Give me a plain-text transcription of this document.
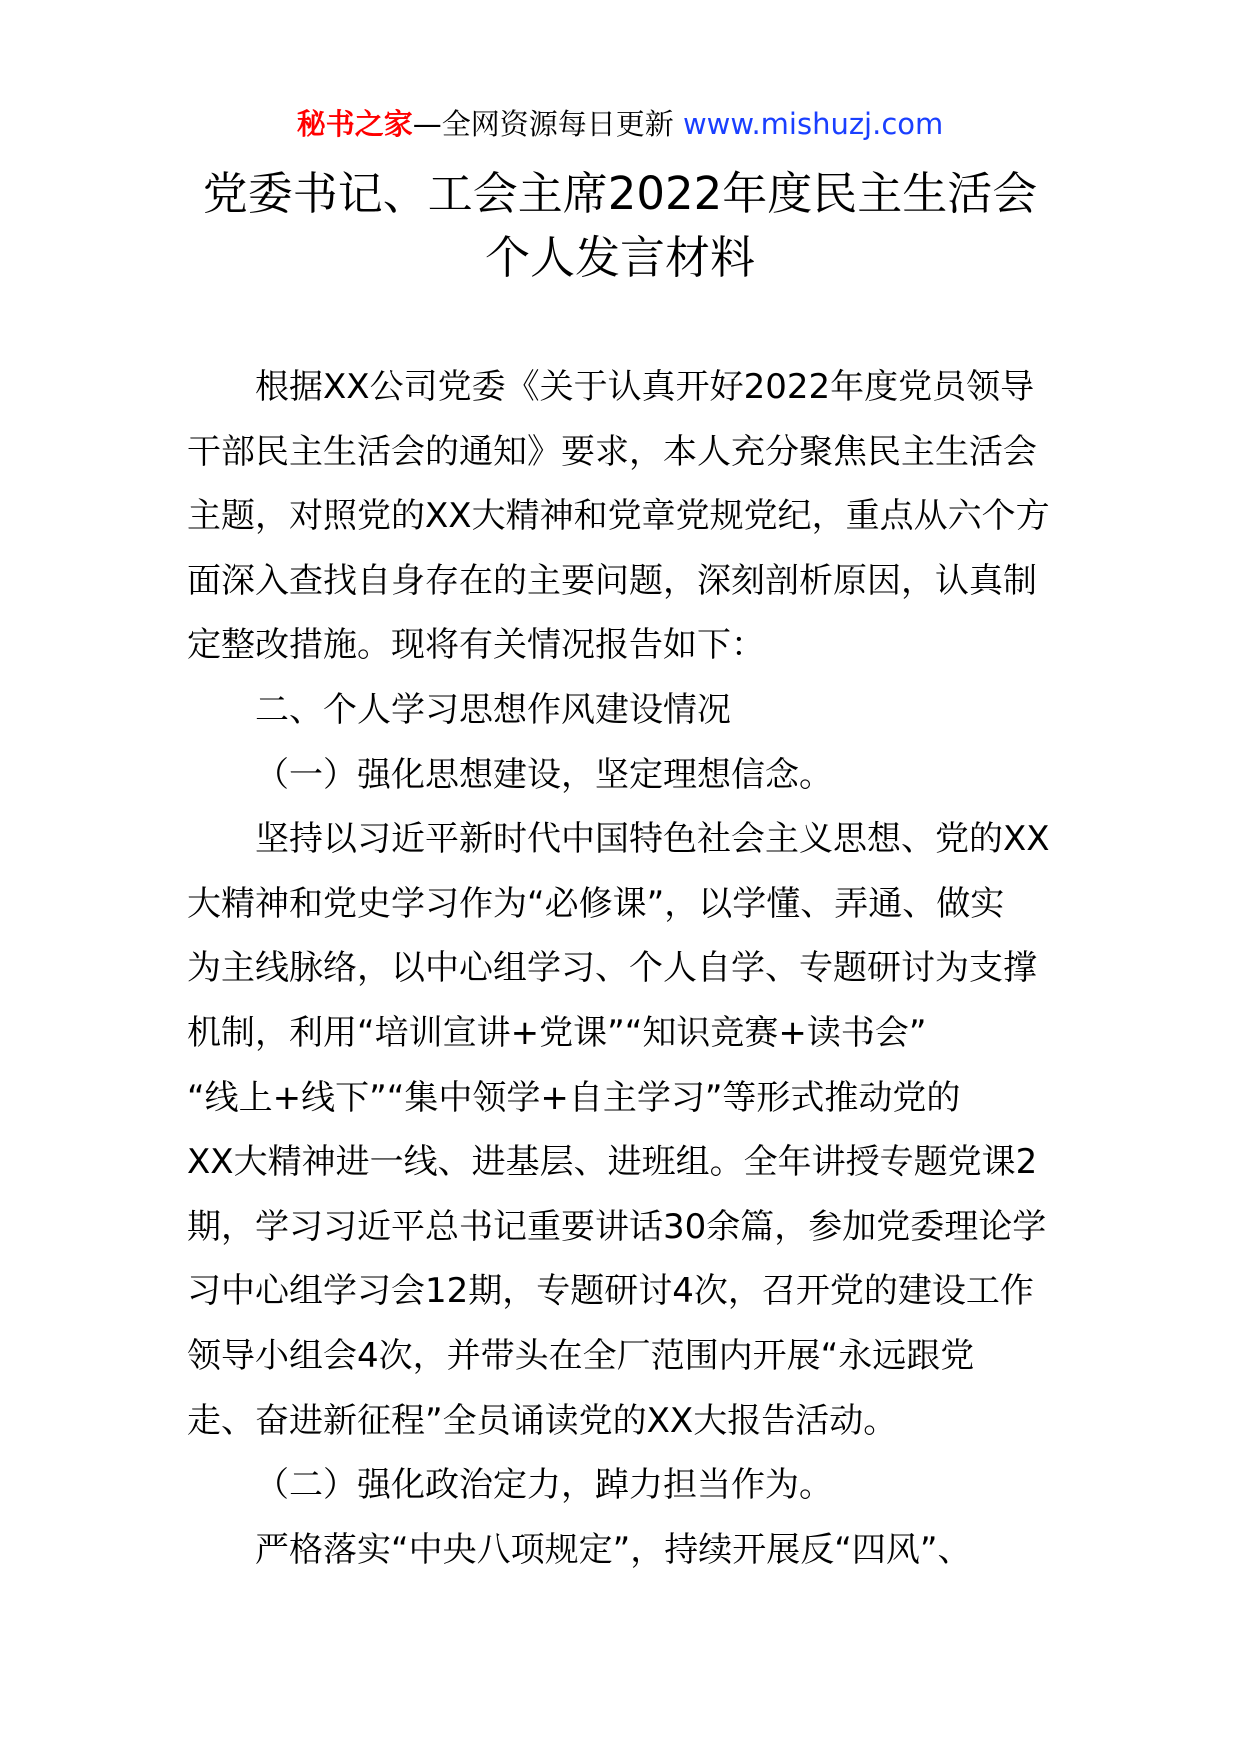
秘书之家—全网资源每日更新 www.mishuzj.com
党委书记、工会主席2022年度民主生活会
个人发言材料
根据XX公司党委《关于认真开好2022年度党员领导
干部民主生活会的通知》要求，本人充分聚焦民主生活会
主题，对照党的XX大精神和党章党规党纪，重点从六个方
面深入查找自身存在的主要问题，深刻剖析原因，认真制
定整改措施。现将有关情况报告如下：
二、个人学习思想作风建设情况
（一）强化思想建设，坚定理想信念。
坚持以习近平新时代中国特色社会主义思想、党的XX
大精神和党史学习作为“必修课”，以学懂、弄通、做实
为主线脉络，以中心组学习、个人自学、专题研讨为支撑
机制，利用“培训宣讲+党课”“知识竞赛+读书会”
“线上+线下”“集中领学+自主学习”等形式推动党的
XX大精神进一线、进基层、进班组。全年讲授专题党课2
期，学习习近平总书记重要讲话30余篇，参加党委理论学
习中心组学习会12期，专题研讨4次，召开党的建设工作
领导小组会4次，并带头在全厂范围内开展“永远跟党
走、奋进新征程”全员诵读党的XX大报告活动。
（二）强化政治定力，踔力担当作为。
严格落实“中央八项规定”，持续开展反“四风”、
